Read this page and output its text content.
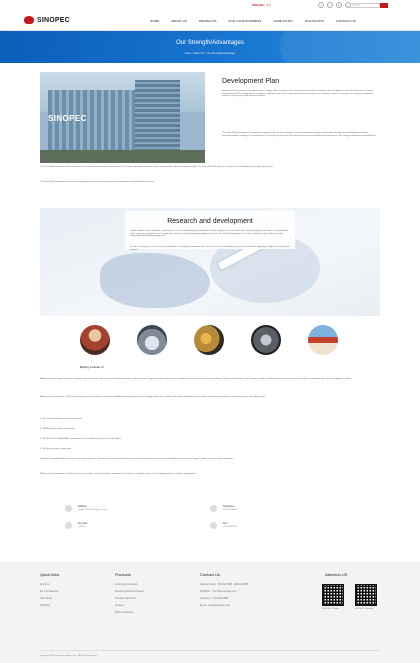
ENGLISH / 中文	f	t	in	y	Search...
SINOPEC	HOME	ABOUT US	PRODUCTS	FOR YOUR BUSINESS	CASE STUDY	HIGHLIGHTS	CONTACT US
Our Strength/Advantages
Home > About Us > Our Strength/Advantages
SINOPEC
Development Plan
Sinopec lubricant maintains innovation-driven strategy, efforts to promote the development of the high-end industry and steadily pursues the development of Chinese manufacturing 2025 strategy. As the aerospace, high-speed rail, ocean engineering and new energy vehicle industries continue to develop, the company accelerates research on high-end, green lubricant products.
The Great Wall lubricating oil development strategy mainly has four strategies: scale development strategy, specialization strategy, brand development strategy, internationalization strategy. It is committed to the principle of quality first and customer foremost and continuously improves its technology and product competitiveness.
The Great Wall lubricating oil with the brand as the core business model is established. On the basis of quality and service, make strong quality, cultivate the plastic image. The Great Wall lubricating oil continues to create leading technology and products.
The Great Wall lubricating oil promoting cooperation across the industry, promote the development of globalization of its own.
Research and development
Sinopec adhere to the 'innovation, preferring to' science and technology development, formed a significant characteristic lubricating technology and research and application of the experience, depends on the combination of science and technology development system. Successful development of a series of high-end special lubricants with independent intellectual property rights.
To seize and bring up a series of both expectations, technological innovation and research teams for the industry, promote the continuous upgrading of high-end lubricating oil products.
Beijing institute of
Beijing institute is sinopec lubricant company's most important center of research and development, product research, application of scientific research institutions for technical service and consulting. There are 4 branches, senior engineer, master, and doctoral level personnel, more than 60% of employees with a bachelor degree or above.
Beijing research institute in 1993 by the Beijing municipal economic commission identified as Beijing enterprise technology center and in 2003 by the national development and reform commission identified as national enterprise technology center.
1. ISO national laboratory system certification
2. GB9000 quality system certification
3. ISO14001 and OHSAS18001 environment and occupational safety and health system
4. GJB quality system certification
Presently is equipped with the internal combustion engine oil, industrial oil, oil test, special lubricant and grease test laboratory and advanced analytical instruments to support product research and development.
Military industrial standards on lubricating oil, new products and international cooperation have formed a complete system for the implementation of product management.
Address
Haidian District Beijing, China
Telephone
010-82006640
Zip code
100085
Fax
010-82064872
Quick links
About Us
For Your Business
Case Study
Highlights
Products
Automotive Lubricants
Special Synthetic Lubricants
Industrial Lubricants
Greases
Marine Lubricants
Contact Us
National hotline : 800-810-9886 ; 400-810-9886
SINOPEC : http://www.sinopec.com
Telephone : 010-6303-0888
Email : service@sinopec.com
Attention US
SINOPEC Weibo	SINOPEC Wechat
Copyright 2016 http://www.sinopec.com . All Rights Reserved.
